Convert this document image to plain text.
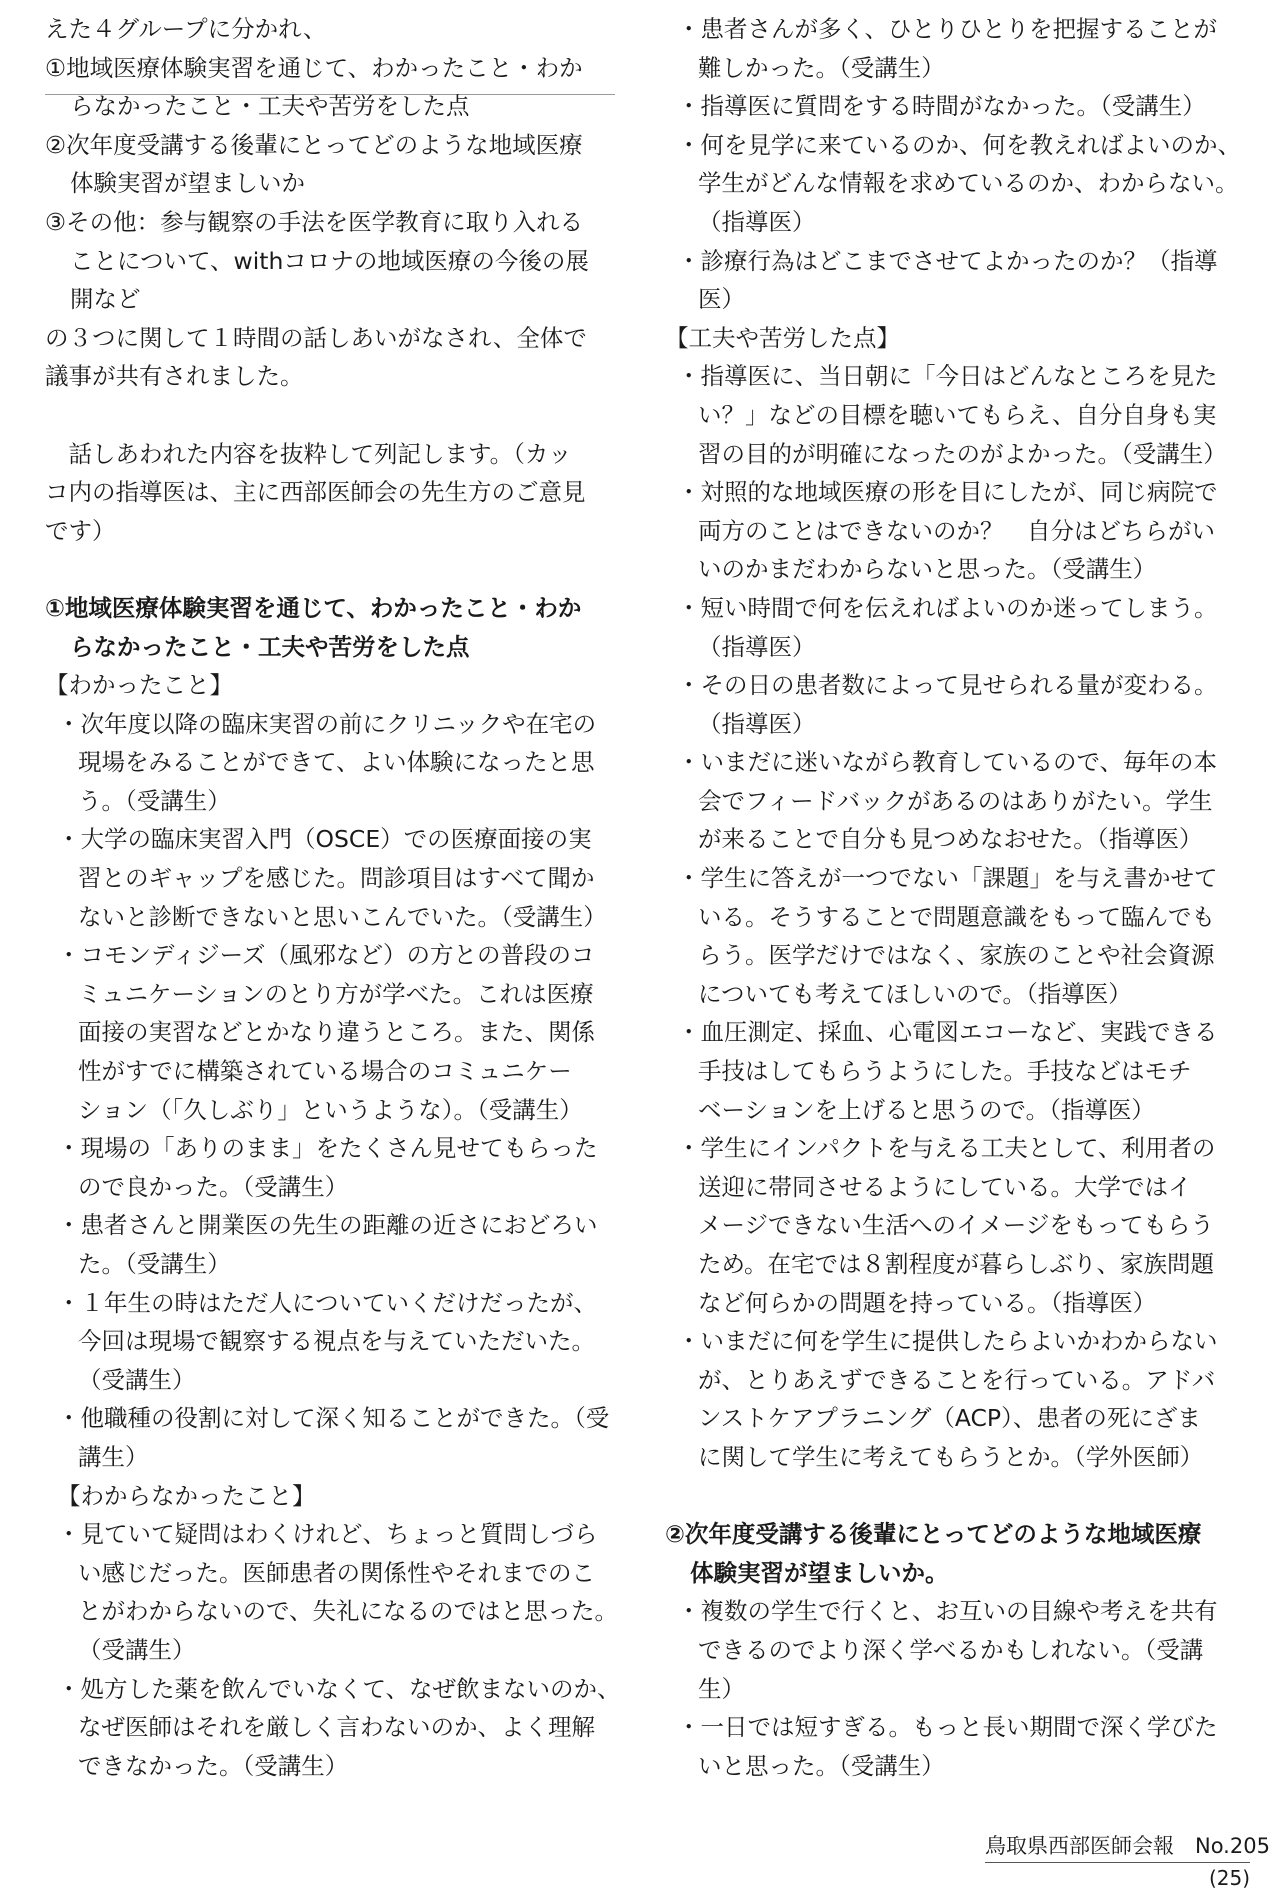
えた４グループに分かれ、
①地域医療体験実習を通じて、わかったこと・わか
らなかったこと・工夫や苦労をした点
②次年度受講する後輩にとってどのような地域医療
体験実習が望ましいか
③その他：参与観察の手法を医学教育に取り入れる
ことについて、withコロナの地域医療の今後の展
開など
の３つに関して１時間の話しあいがなされ、全体で
議事が共有されました。
　話しあわれた内容を抜粋して列記します。（カッ
コ内の指導医は、主に西部医師会の先生方のご意見
です）
①地域医療体験実習を通じて、わかったこと・わか
らなかったこと・工夫や苦労をした点
【わかったこと】
・次年度以降の臨床実習の前にクリニックや在宅の
現場をみることができて、よい体験になったと思
う。（受講生）
・大学の臨床実習入門（OSCE）での医療面接の実
習とのギャップを感じた。問診項目はすべて聞か
ないと診断できないと思いこんでいた。（受講生）
・コモンディジーズ（風邪など）の方との普段のコ
ミュニケーションのとり方が学べた。これは医療
面接の実習などとかなり違うところ。また、関係
性がすでに構築されている場合のコミュニケー
ション（「久しぶり」というような）。（受講生）
・現場の「ありのまま」をたくさん見せてもらった
ので良かった。（受講生）
・患者さんと開業医の先生の距離の近さにおどろい
た。（受講生）
・１年生の時はただ人についていくだけだったが、
今回は現場で観察する視点を与えていただいた。
（受講生）
・他職種の役割に対して深く知ることができた。（受
講生）
【わからなかったこと】
・見ていて疑問はわくけれど、ちょっと質問しづら
い感じだった。医師患者の関係性やそれまでのこ
とがわからないので、失礼になるのではと思った。
（受講生）
・処方した薬を飲んでいなくて、なぜ飲まないのか、
なぜ医師はそれを厳しく言わないのか、よく理解
できなかった。（受講生）
・患者さんが多く、ひとりひとりを把握することが
難しかった。（受講生）
・指導医に質問をする時間がなかった。（受講生）
・何を見学に来ているのか、何を教えればよいのか、
学生がどんな情報を求めているのか、わからない。
（指導医）
・診療行為はどこまでさせてよかったのか？（指導
医）
【工夫や苦労した点】
・指導医に、当日朝に「今日はどんなところを見た
い？」などの目標を聴いてもらえ、自分自身も実
習の目的が明確になったのがよかった。（受講生）
・対照的な地域医療の形を目にしたが、同じ病院で
両方のことはできないのか？　自分はどちらがい
いのかまだわからないと思った。（受講生）
・短い時間で何を伝えればよいのか迷ってしまう。
（指導医）
・その日の患者数によって見せられる量が変わる。
（指導医）
・いまだに迷いながら教育しているので、毎年の本
会でフィードバックがあるのはありがたい。学生
が来ることで自分も見つめなおせた。（指導医）
・学生に答えが一つでない「課題」を与え書かせて
いる。そうすることで問題意識をもって臨んでも
らう。医学だけではなく、家族のことや社会資源
についても考えてほしいので。（指導医）
・血圧測定、採血、心電図エコーなど、実践できる
手技はしてもらうようにした。手技などはモチ
ベーションを上げると思うので。（指導医）
・学生にインパクトを与える工夫として、利用者の
送迎に帯同させるようにしている。大学ではイ
メージできない生活へのイメージをもってもらう
ため。在宅では８割程度が暮らしぶり、家族問題
など何らかの問題を持っている。（指導医）
・いまだに何を学生に提供したらよいかわからない
が、とりあえずできることを行っている。アドバ
ンストケアプラニング（ACP）、患者の死にざま
に関して学生に考えてもらうとか。（学外医師）
②次年度受講する後輩にとってどのような地域医療
体験実習が望ましいか。
・複数の学生で行くと、お互いの目線や考えを共有
できるのでより深く学べるかもしれない。（受講
生）
・一日では短すぎる。もっと長い期間で深く学びた
いと思った。（受講生）
鳥取県西部医師会報　No.205
(25)
